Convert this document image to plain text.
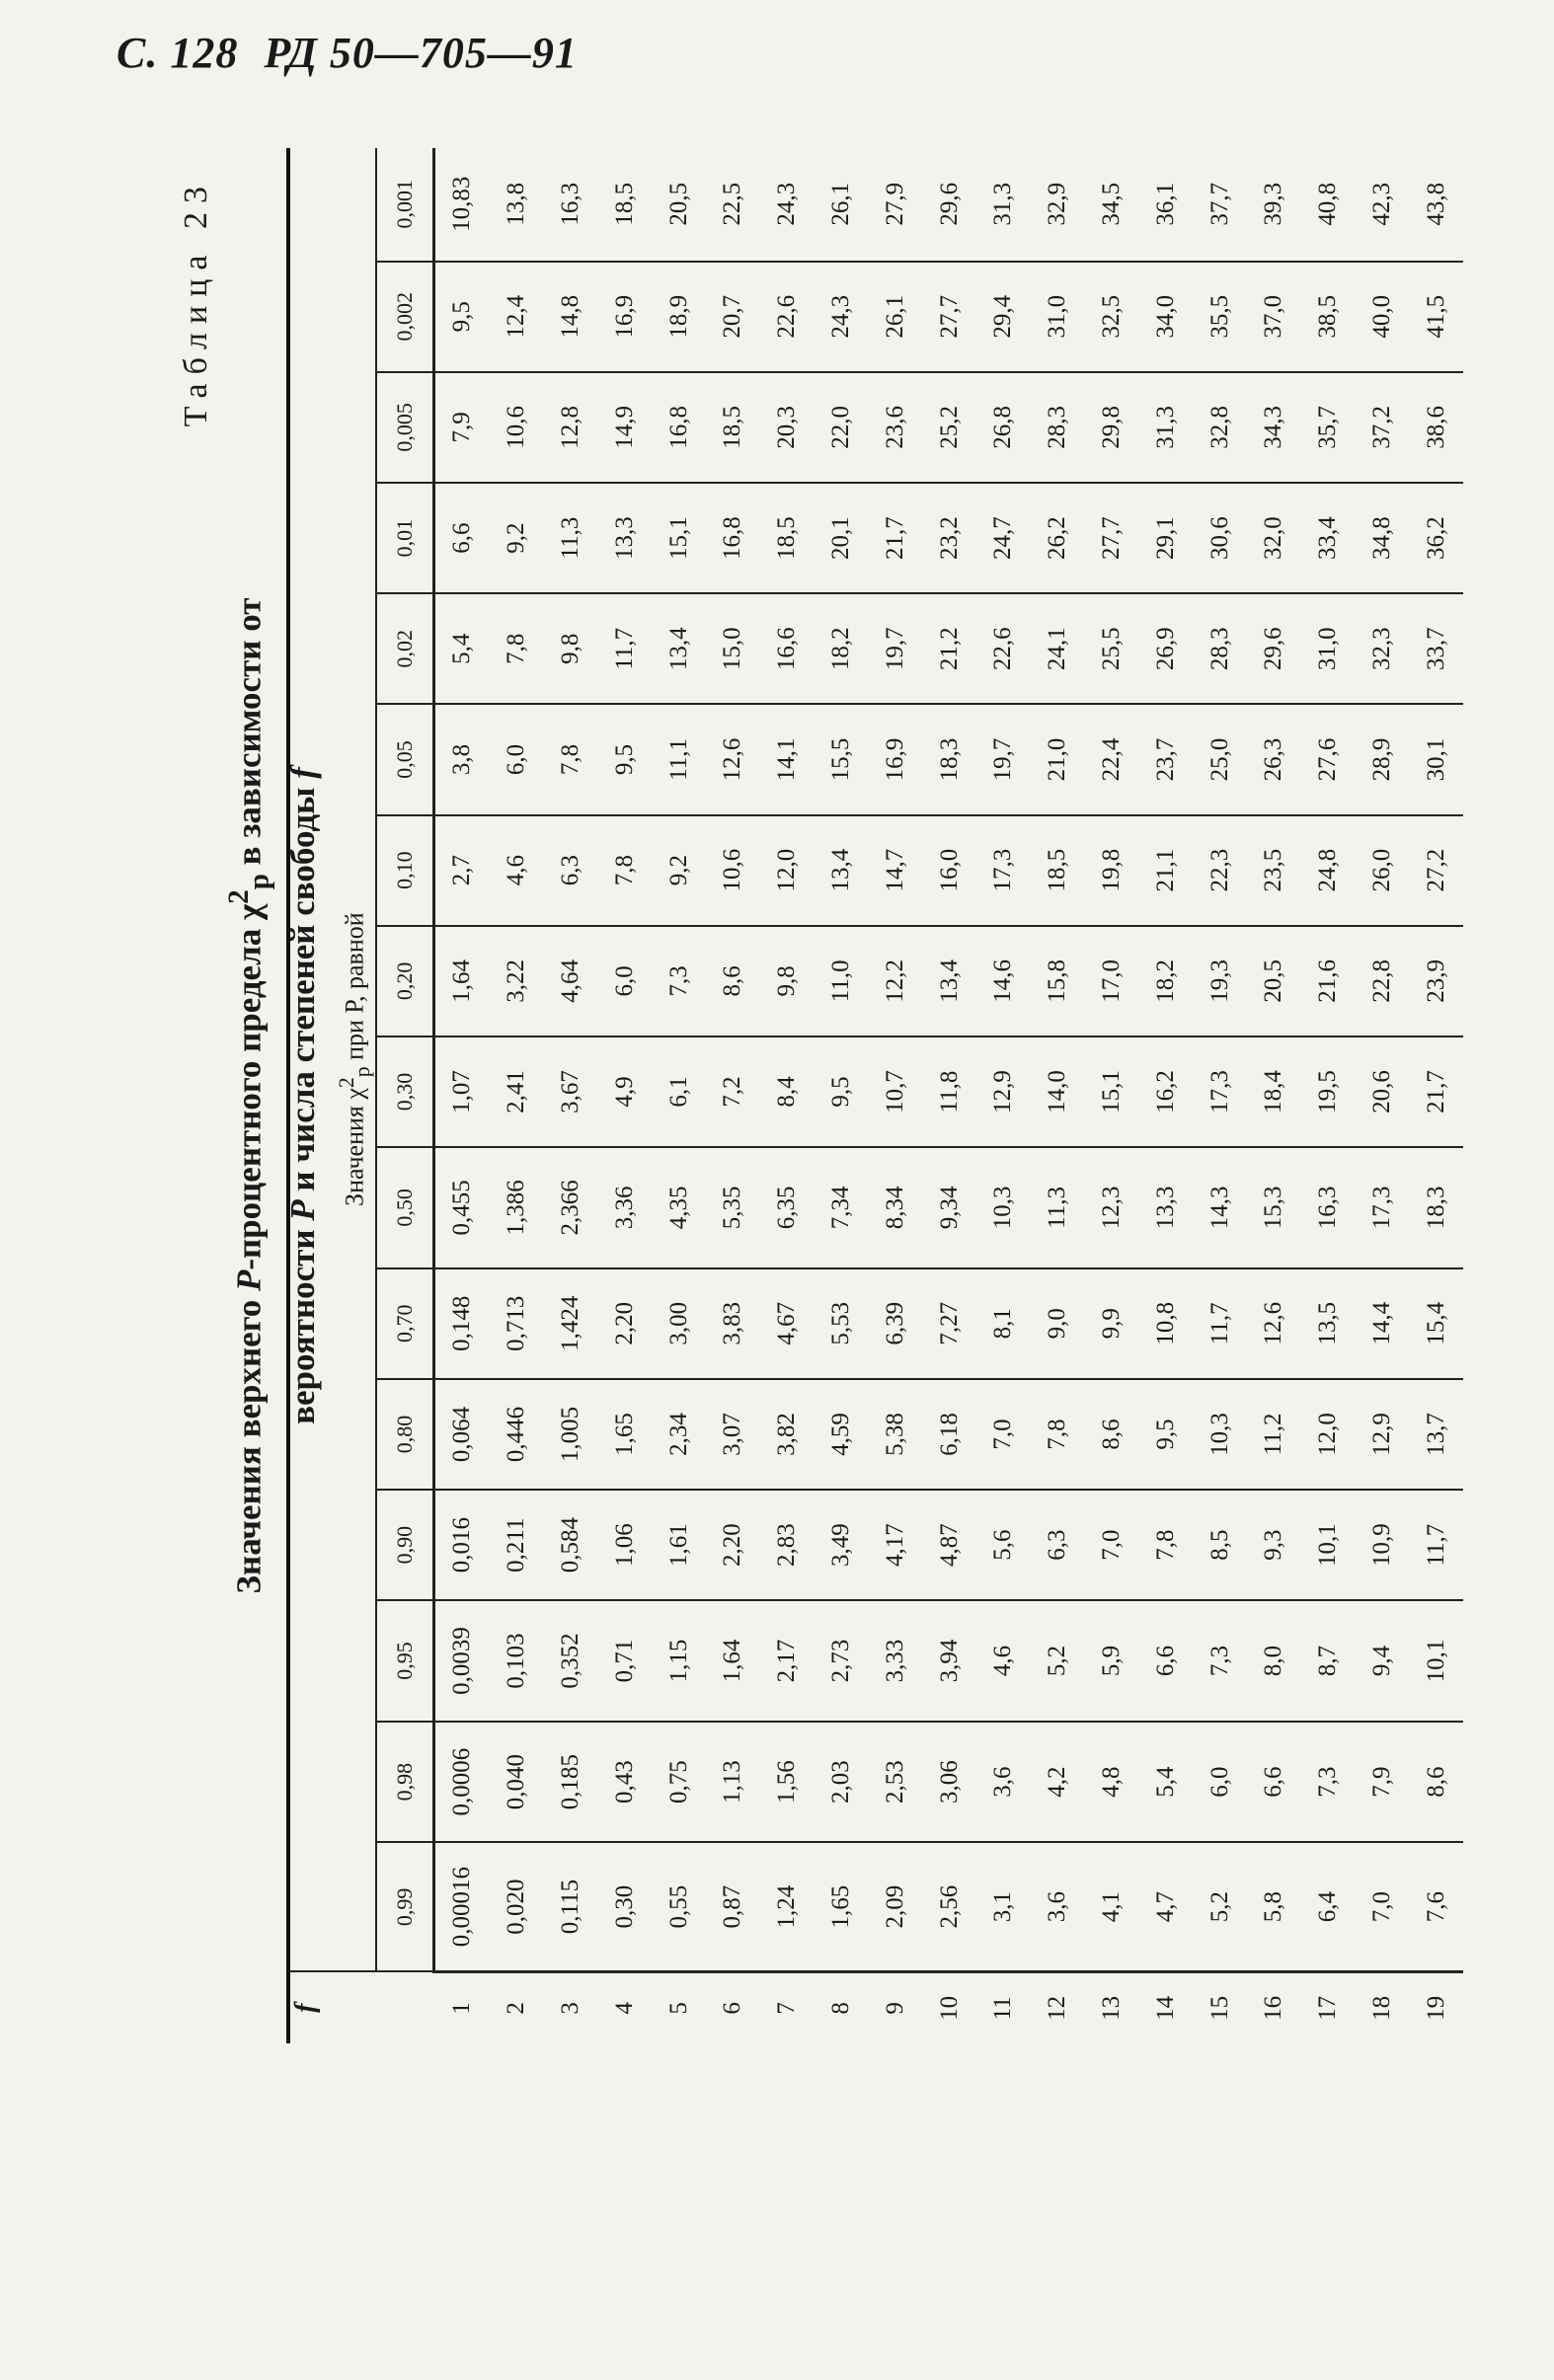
С. 128 РД 50—705—91
Таблица 23
Значения верхнего P-процентного предела $\chi^2_p$ в зависимости от
вероятности P и числа степеней свободы f
f	Значения $\chi^2_p$ при P, равной															
	0,99	0,98	0,95	0,90	0,80	0,70	0,50	0,30	0,20	0,10	0,05	0,02	0,01	0,005	0,002	0,001
1	0,00016	0,0006	0,0039	0,016	0,064	0,148	0,455	1,07	1,64	2,7	3,8	5,4	6,6	7,9	9,5	10,83
2	0,020	0,040	0,103	0,211	0,446	0,713	1,386	2,41	3,22	4,6	6,0	7,8	9,2	10,6	12,4	13,8
3	0,115	0,185	0,352	0,584	1,005	1,424	2,366	3,67	4,64	6,3	7,8	9,8	11,3	12,8	14,8	16,3
4	0,30	0,43	0,71	1,06	1,65	2,20	3,36	4,9	6,0	7,8	9,5	11,7	13,3	14,9	16,9	18,5
5	0,55	0,75	1,15	1,61	2,34	3,00	4,35	6,1	7,3	9,2	11,1	13,4	15,1	16,8	18,9	20,5
6	0,87	1,13	1,64	2,20	3,07	3,83	5,35	7,2	8,6	10,6	12,6	15,0	16,8	18,5	20,7	22,5
7	1,24	1,56	2,17	2,83	3,82	4,67	6,35	8,4	9,8	12,0	14,1	16,6	18,5	20,3	22,6	24,3
8	1,65	2,03	2,73	3,49	4,59	5,53	7,34	9,5	11,0	13,4	15,5	18,2	20,1	22,0	24,3	26,1
9	2,09	2,53	3,33	4,17	5,38	6,39	8,34	10,7	12,2	14,7	16,9	19,7	21,7	23,6	26,1	27,9
10	2,56	3,06	3,94	4,87	6,18	7,27	9,34	11,8	13,4	16,0	18,3	21,2	23,2	25,2	27,7	29,6
11	3,1	3,6	4,6	5,6	7,0	8,1	10,3	12,9	14,6	17,3	19,7	22,6	24,7	26,8	29,4	31,3
12	3,6	4,2	5,2	6,3	7,8	9,0	11,3	14,0	15,8	18,5	21,0	24,1	26,2	28,3	31,0	32,9
13	4,1	4,8	5,9	7,0	8,6	9,9	12,3	15,1	17,0	19,8	22,4	25,5	27,7	29,8	32,5	34,5
14	4,7	5,4	6,6	7,8	9,5	10,8	13,3	16,2	18,2	21,1	23,7	26,9	29,1	31,3	34,0	36,1
15	5,2	6,0	7,3	8,5	10,3	11,7	14,3	17,3	19,3	22,3	25,0	28,3	30,6	32,8	35,5	37,7
16	5,8	6,6	8,0	9,3	11,2	12,6	15,3	18,4	20,5	23,5	26,3	29,6	32,0	34,3	37,0	39,3
17	6,4	7,3	8,7	10,1	12,0	13,5	16,3	19,5	21,6	24,8	27,6	31,0	33,4	35,7	38,5	40,8
18	7,0	7,9	9,4	10,9	12,9	14,4	17,3	20,6	22,8	26,0	28,9	32,3	34,8	37,2	40,0	42,3
19	7,6	8,6	10,1	11,7	13,7	15,4	18,3	21,7	23,9	27,2	30,1	33,7	36,2	38,6	41,5	43,8
